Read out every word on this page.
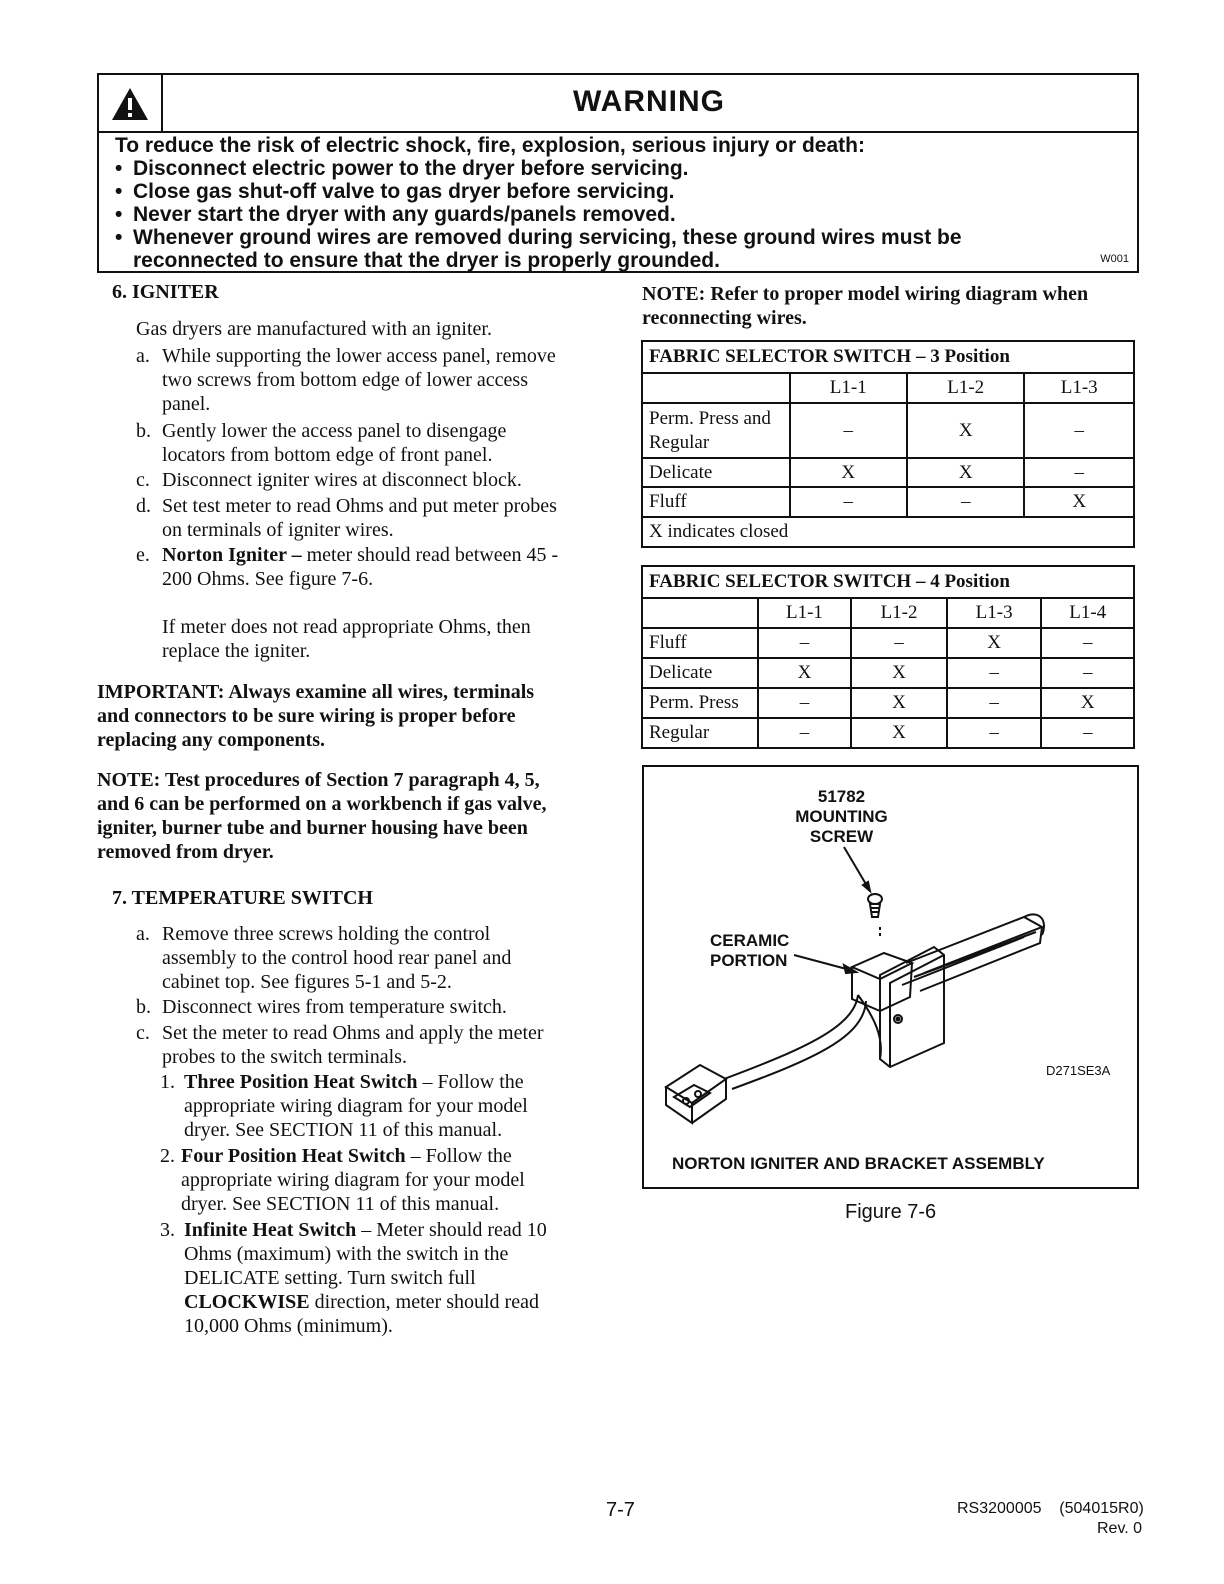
WARNING
To reduce the risk of electric shock, fire, explosion, serious injury or death:
• Disconnect electric power to the dryer before servicing.
• Close gas shut-off valve to gas dryer before servicing.
• Never start the dryer with any guards/panels removed.
• Whenever ground wires are removed during servicing, these ground wires must be
reconnected to ensure that the dryer is properly grounded.	W001
6. IGNITER
Gas dryers are manufactured with an igniter.
a. While supporting the lower access panel, remove
two screws from bottom edge of lower access
panel.
b. Gently lower the access panel to disengage
locators from bottom edge of front panel.
c. Disconnect igniter wires at disconnect block.
d. Set test meter to read Ohms and put meter probes
on terminals of igniter wires.
e. Norton Igniter – meter should read between 45 -
200 Ohms. See figure 7-6.
If meter does not read appropriate Ohms, then
replace the igniter.
IMPORTANT: Always examine all wires, terminals
and connectors to be sure wiring is proper before
replacing any components.
NOTE: Test procedures of Section 7 paragraph 4, 5,
and 6 can be performed on a workbench if gas valve,
igniter, burner tube and burner housing have been
removed from dryer.
7. TEMPERATURE SWITCH
a. Remove three screws holding the control
assembly to the control hood rear panel and
cabinet top. See figures 5-1 and 5-2.
b. Disconnect wires from temperature switch.
c. Set the meter to read Ohms and apply the meter
probes to the switch terminals.
1. Three Position Heat Switch – Follow the
appropriate wiring diagram for your model
dryer. See SECTION 11 of this manual.
2. Four Position Heat Switch – Follow the
appropriate wiring diagram for your model
dryer. See SECTION 11 of this manual.
3. Infinite Heat Switch – Meter should read 10
Ohms (maximum) with the switch in the
DELICATE setting. Turn switch full
CLOCKWISE direction, meter should read
10,000 Ohms (minimum).
NOTE: Refer to proper model wiring diagram when
reconnecting wires.
FABRIC SELECTOR SWITCH – 3 Position			
	L1-1	L1-2	L1-3

Perm. Press and
Regular	–	X	–
Delicate	X	X	–
Fluff	–	–	X
X indicates closed			
FABRIC SELECTOR SWITCH – 4 Position				
	L1-1	L1-2	L1-3	L1-4
Fluff	–	–	X	–
Delicate	X	X	–	–
Perm. Press	–	X	–	X
Regular	–	X	–	–
51782
MOUNTING
SCREW
CERAMIC
PORTION
D271SE3A
NORTON IGNITER AND BRACKET ASSEMBLY
Figure 7-6
7-7	RS3200005    (504015R0)
Rev. 0
